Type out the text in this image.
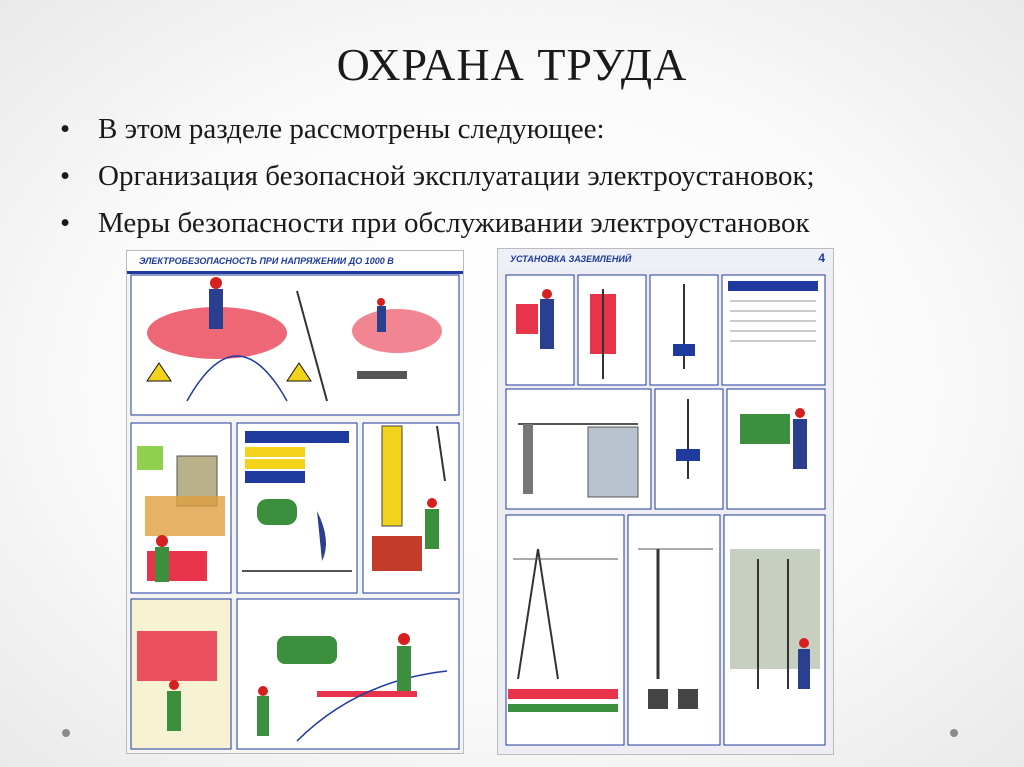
ОХРАНА ТРУДА
• В этом разделе рассмотрены следующее:
• Организация безопасной эксплуатации электроустановок;
• Меры безопасности при обслуживании электроустановок
ЭЛЕКТРОБЕЗОПАСНОСТЬ ПРИ НАПРЯЖЕНИИ ДО 1000 В	УСТАНОВКА ЗАЗЕМЛЕНИЙ	4
